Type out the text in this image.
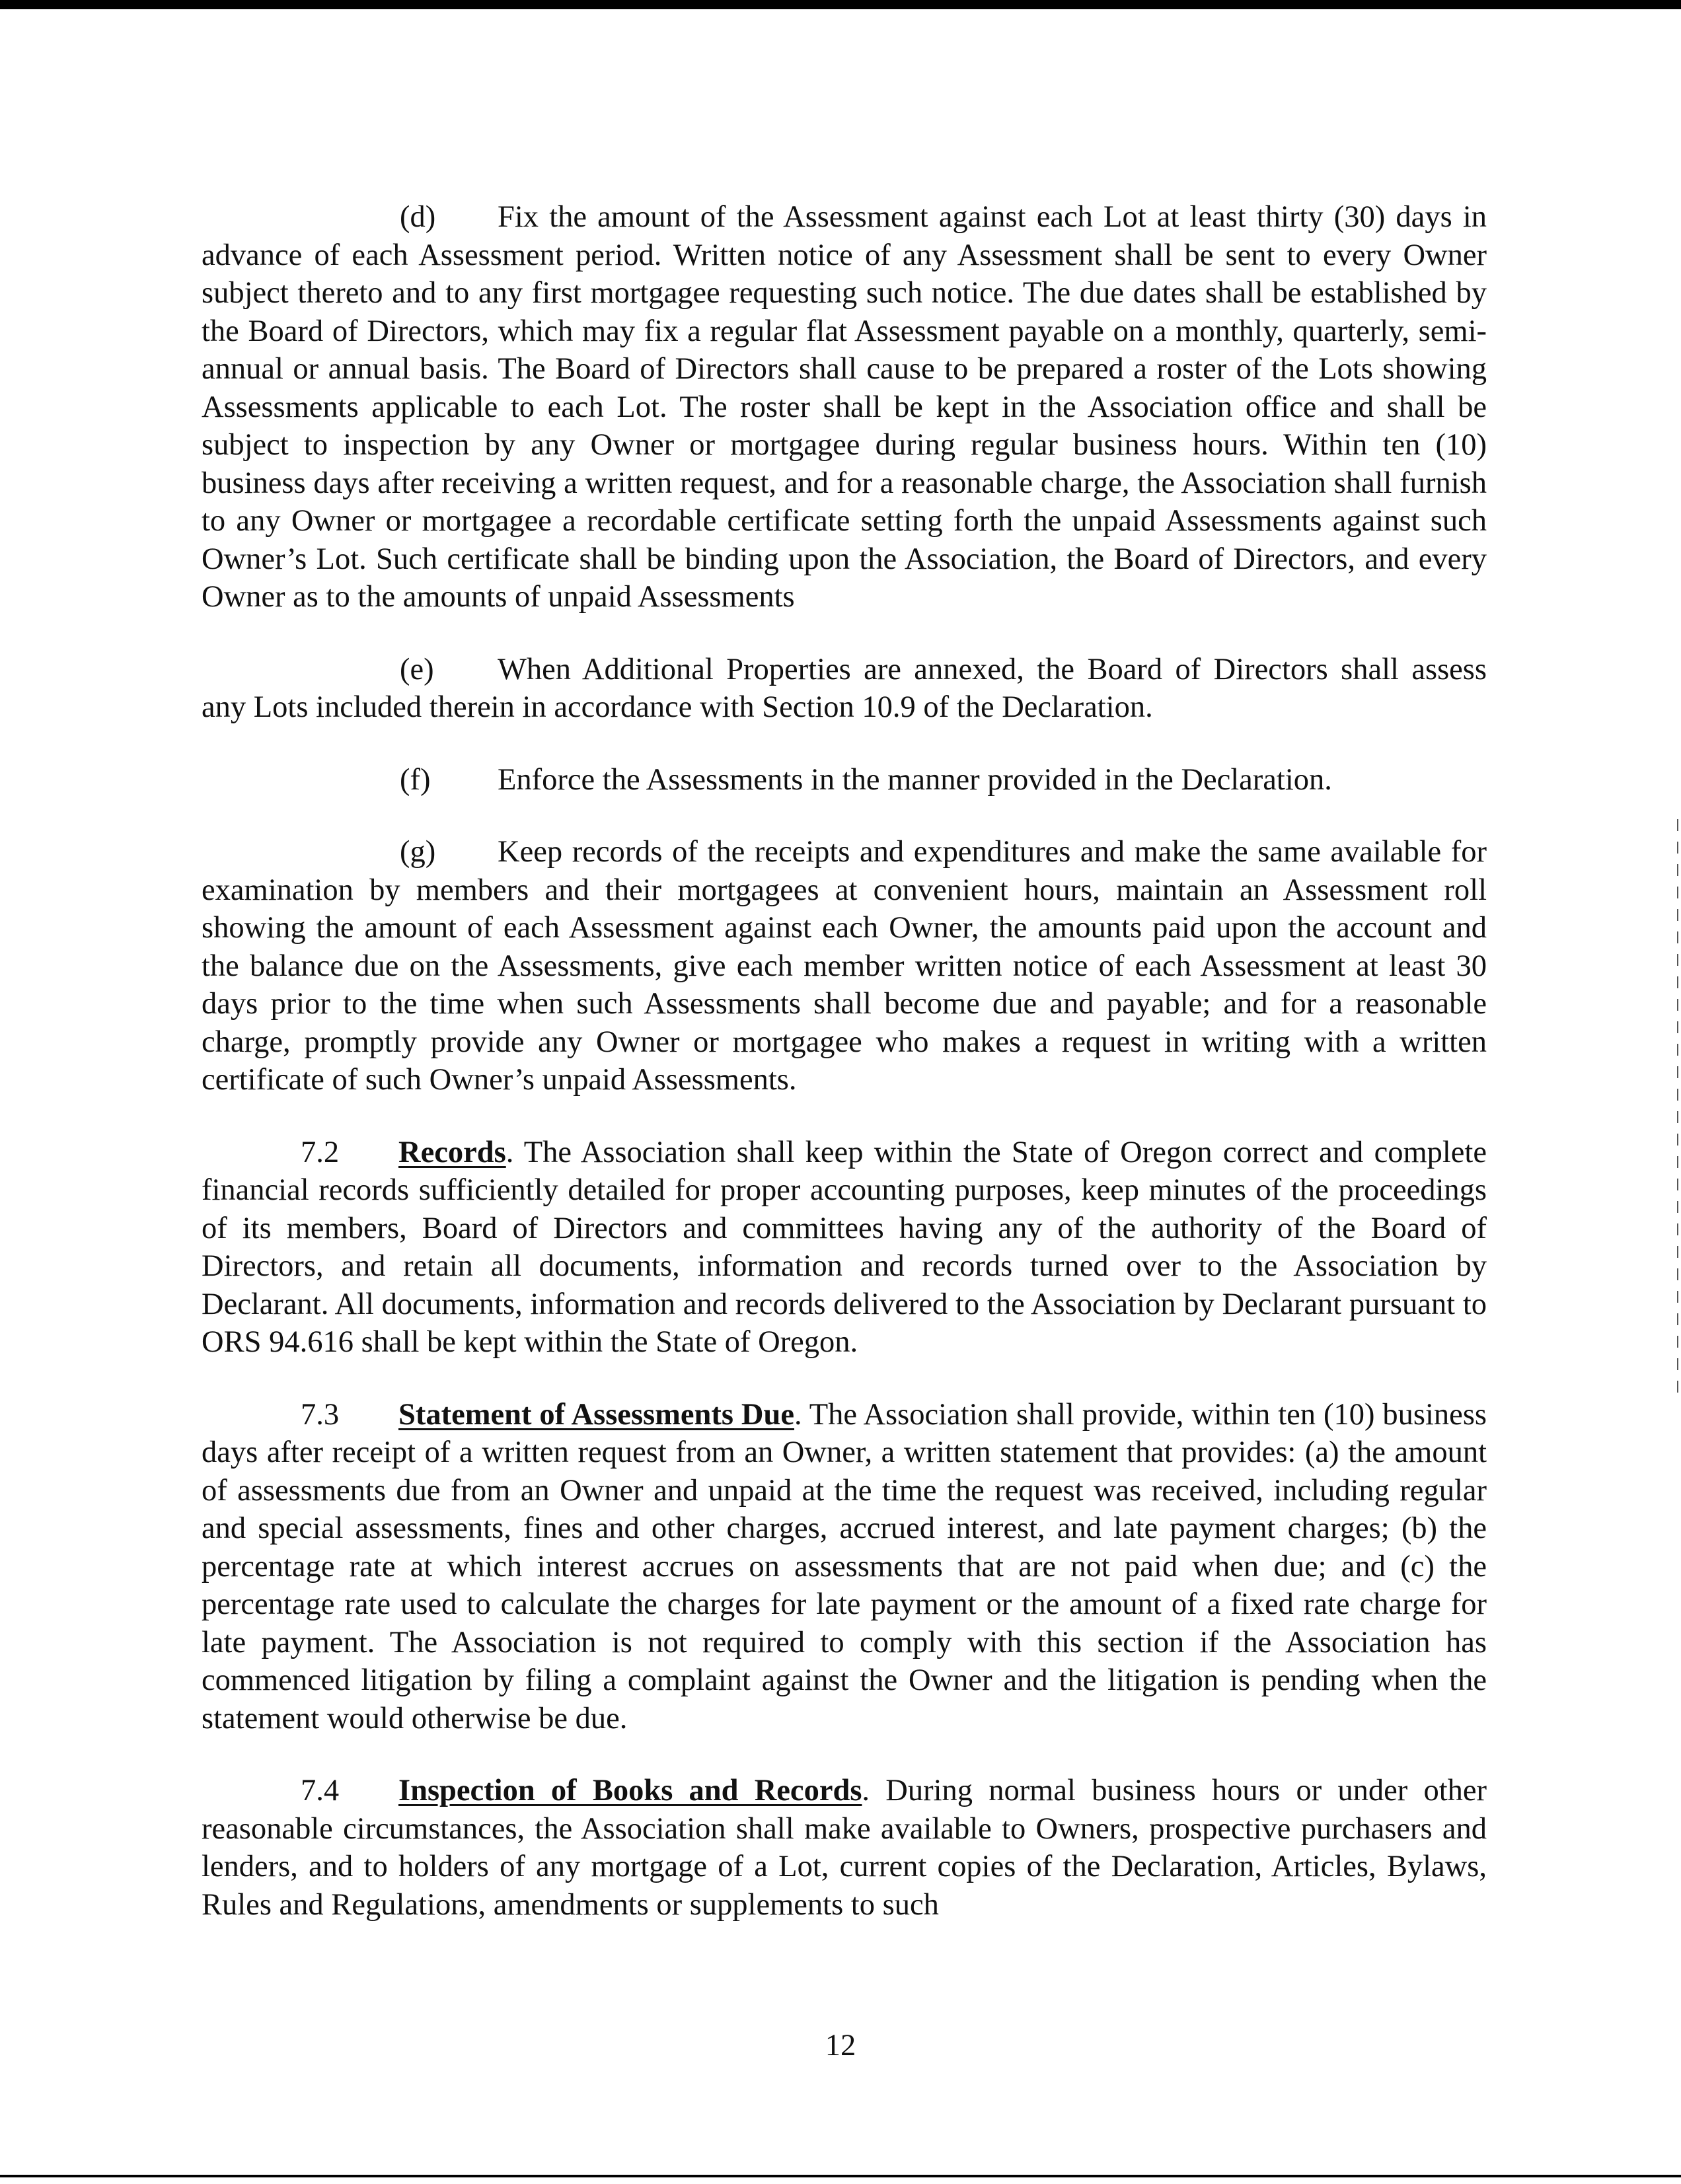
(d) Fix the amount of the Assessment against each Lot at least thirty (30) days in advance of each Assessment period. Written notice of any Assessment shall be sent to every Owner subject thereto and to any first mortgagee requesting such notice. The due dates shall be established by the Board of Directors, which may fix a regular flat Assessment payable on a monthly, quarterly, semi-annual or annual basis. The Board of Directors shall cause to be prepared a roster of the Lots showing Assessments applicable to each Lot. The roster shall be kept in the Association office and shall be subject to inspection by any Owner or mortgagee during regular business hours. Within ten (10) business days after receiving a written request, and for a reasonable charge, the Association shall furnish to any Owner or mortgagee a recordable certificate setting forth the unpaid Assessments against such Owner’s Lot. Such certificate shall be binding upon the Association, the Board of Directors, and every Owner as to the amounts of unpaid Assessments

(e) When Additional Properties are annexed, the Board of Directors shall assess any Lots included therein in accordance with Section 10.9 of the Declaration.

(f) Enforce the Assessments in the manner provided in the Declaration.

(g) Keep records of the receipts and expenditures and make the same available for examination by members and their mortgagees at convenient hours, maintain an Assessment roll showing the amount of each Assessment against each Owner, the amounts paid upon the account and the balance due on the Assessments, give each member written notice of each Assessment at least 30 days prior to the time when such Assessments shall become due and payable; and for a reasonable charge, promptly provide any Owner or mortgagee who makes a request in writing with a written certificate of such Owner’s unpaid Assessments.

7.2 Records. The Association shall keep within the State of Oregon correct and complete financial records sufficiently detailed for proper accounting purposes, keep minutes of the proceedings of its members, Board of Directors and committees having any of the authority of the Board of Directors, and retain all documents, information and records turned over to the Association by Declarant. All documents, information and records delivered to the Association by Declarant pursuant to ORS 94.616 shall be kept within the State of Oregon.

7.3 Statement of Assessments Due. The Association shall provide, within ten (10) business days after receipt of a written request from an Owner, a written statement that provides: (a) the amount of assessments due from an Owner and unpaid at the time the request was received, including regular and special assessments, fines and other charges, accrued interest, and late payment charges; (b) the percentage rate at which interest accrues on assessments that are not paid when due; and (c) the percentage rate used to calculate the charges for late payment or the amount of a fixed rate charge for late payment. The Association is not required to comply with this section if the Association has commenced litigation by filing a complaint against the Owner and the litigation is pending when the statement would otherwise be due.

7.4 Inspection of Books and Records. During normal business hours or under other reasonable circumstances, the Association shall make available to Owners, prospective purchasers and lenders, and to holders of any mortgage of a Lot, current copies of the Declaration, Articles, Bylaws, Rules and Regulations, amendments or supplements to such

12
